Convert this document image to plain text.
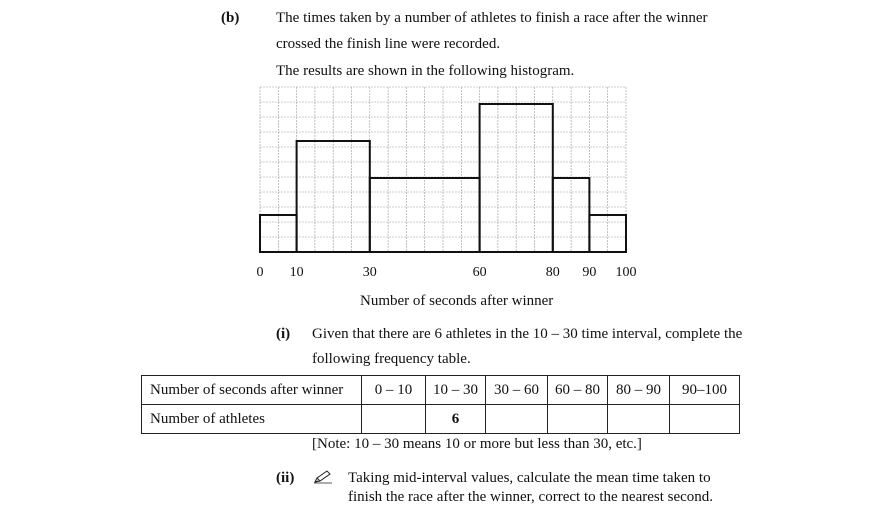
(b) The times taken by a number of athletes to finish a race after the winner
crossed the finish line were recorded.
The results are shown in the following histogram.
0 10	30	60	80 90 100
Number of seconds after winner
(i) Given that there are 6 athletes in the 10 – 30 time interval, complete the
following frequency table.
Number of seconds after winner	0 – 10	10 – 30	30 – 60	60 – 80	80 – 90	90–100
Number of athletes		6				
[Note: 10 – 30 means 10 or more but less than 30, etc.]
(ii)	Taking mid-interval values, calculate the mean time taken to
finish the race after the winner, correct to the nearest second.
